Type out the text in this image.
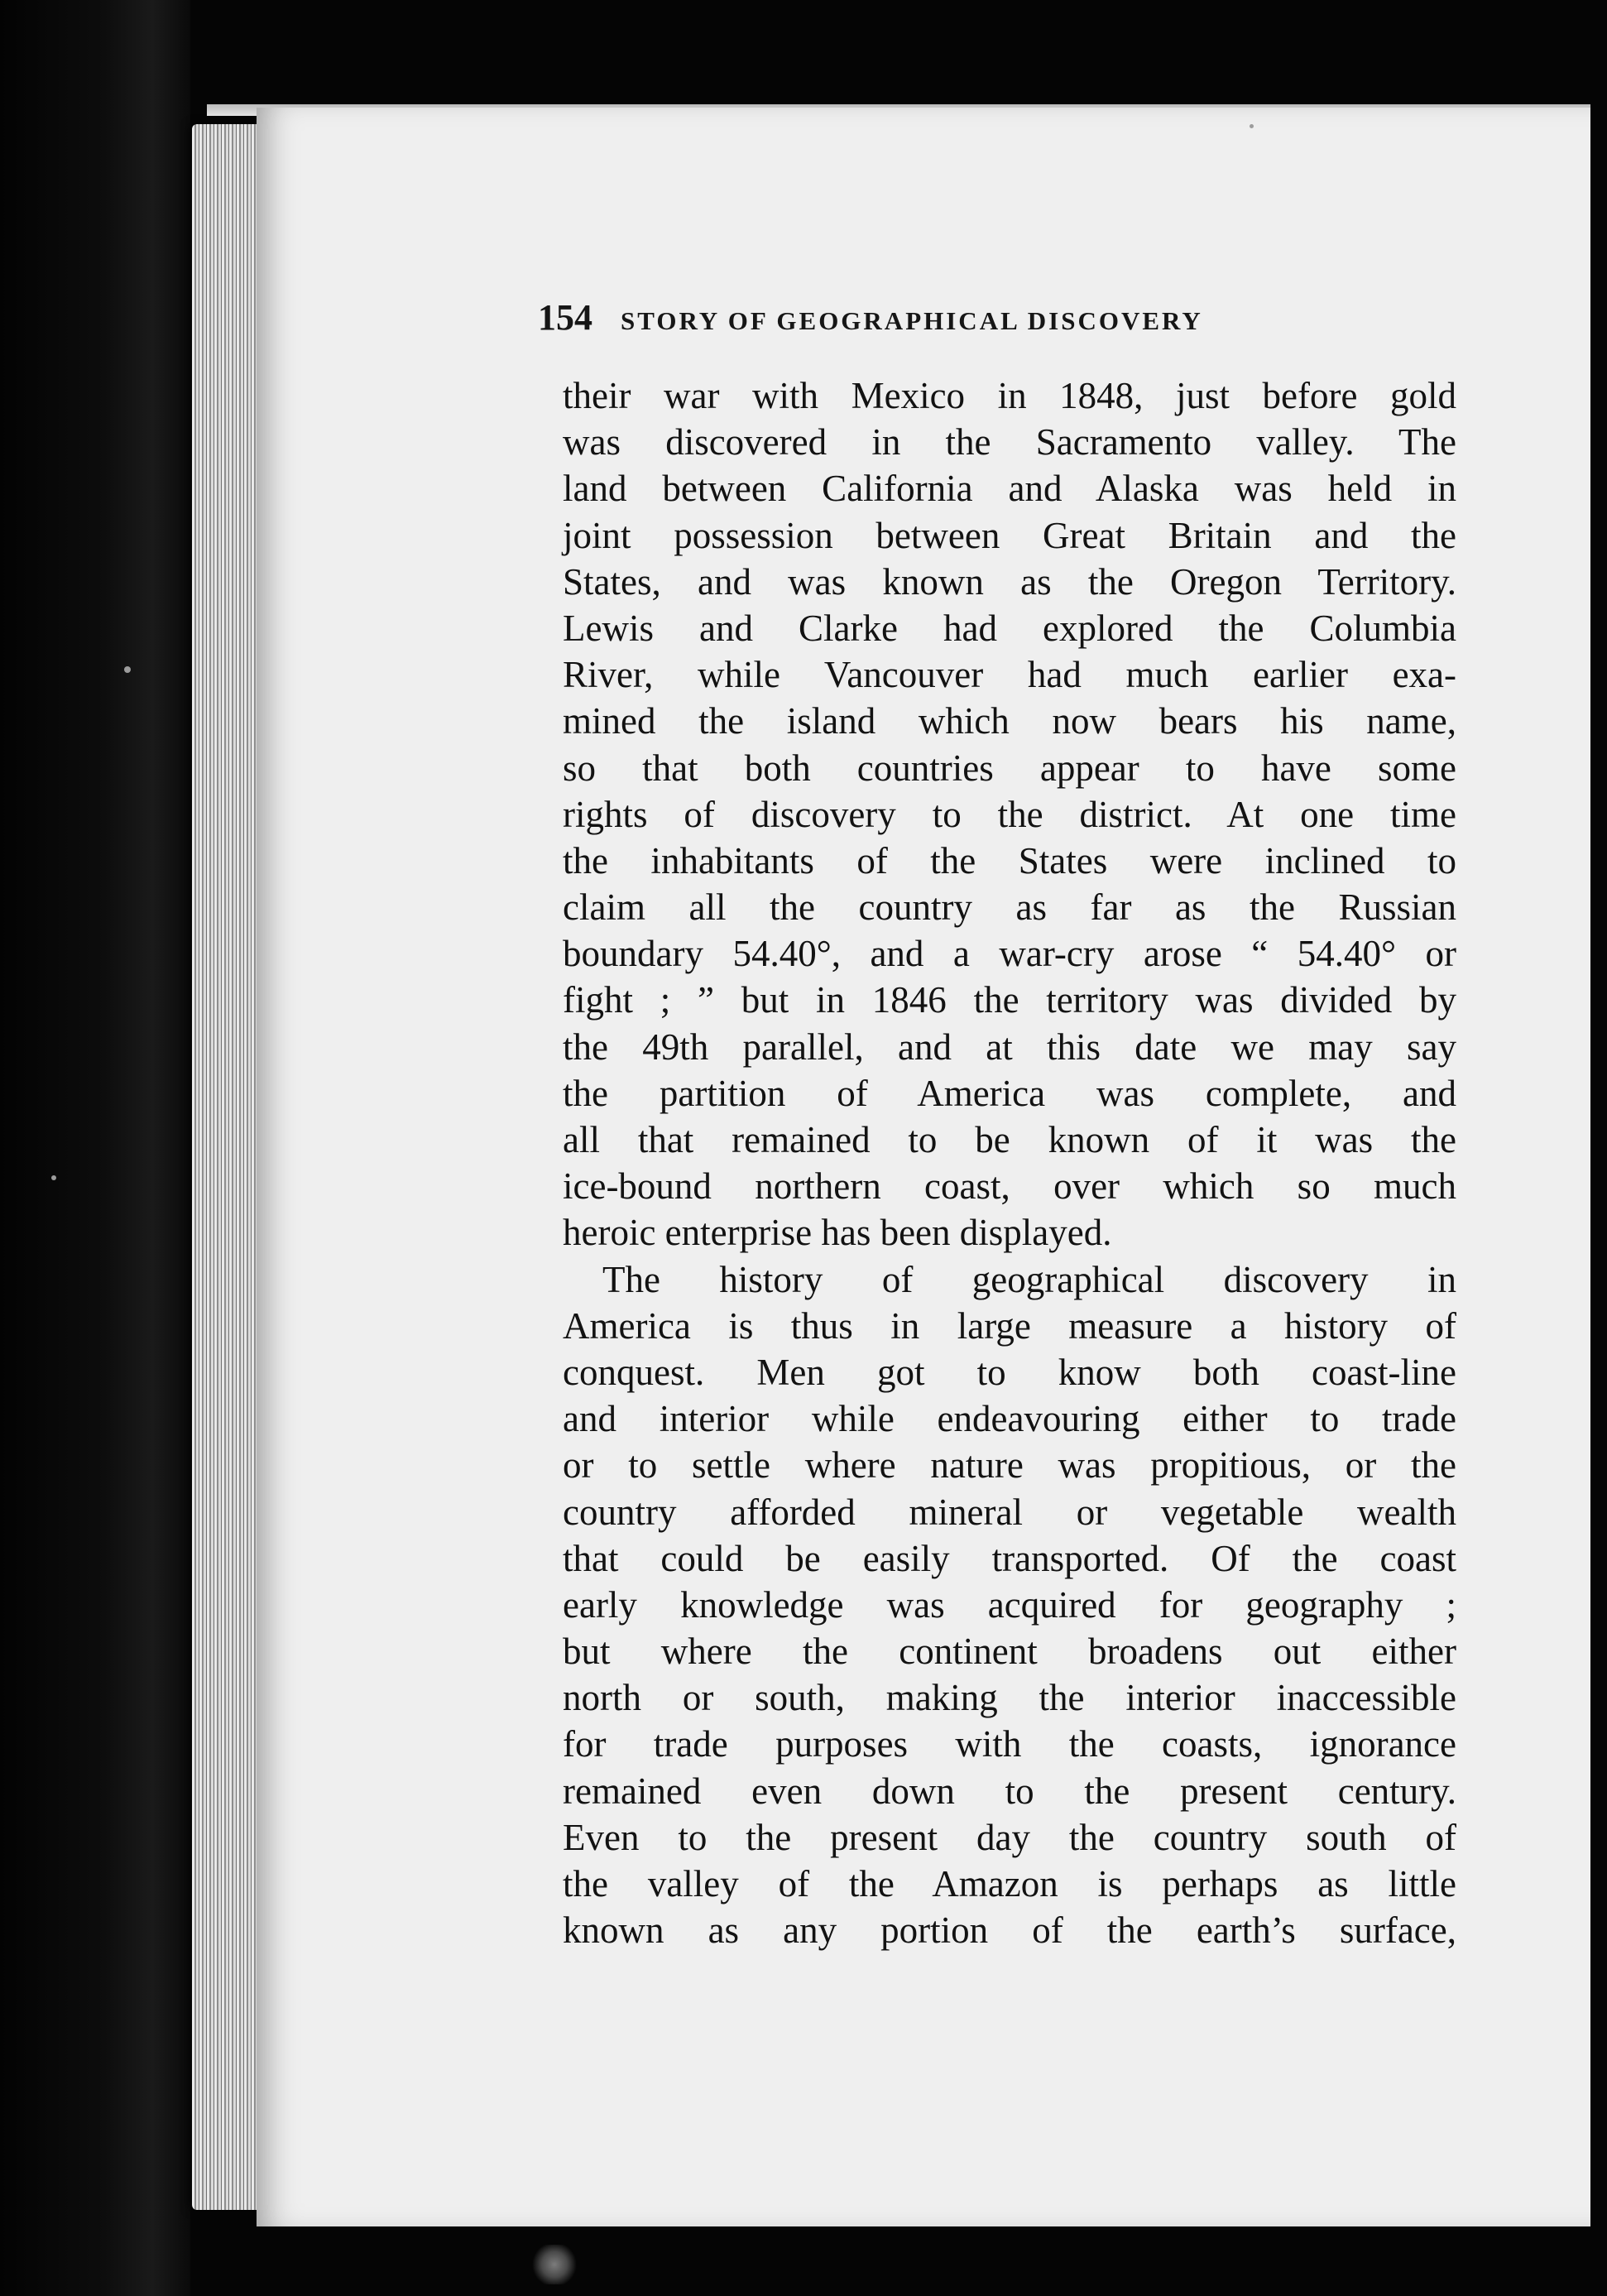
154 STORY OF GEOGRAPHICAL DISCOVERY
their war with Mexico in 1848, just before gold
was discovered in the Sacramento valley. The
land between California and Alaska was held in
joint possession between Great Britain and the
States, and was known as the Oregon Territory.
Lewis and Clarke had explored the Columbia
River, while Vancouver had much earlier exa-
mined the island which now bears his name,
so that both countries appear to have some
rights of discovery to the district. At one time
the inhabitants of the States were inclined to
claim all the country as far as the Russian
boundary 54.40°, and a war-cry arose “ 54.40° or
fight ; ” but in 1846 the territory was divided by
the 49th parallel, and at this date we may say
the partition of America was complete, and
all that remained to be known of it was the
ice-bound northern coast, over which so much
heroic enterprise has been displayed.
The history of geographical discovery in
America is thus in large measure a history of
conquest. Men got to know both coast-line
and interior while endeavouring either to trade
or to settle where nature was propitious, or the
country afforded mineral or vegetable wealth
that could be easily transported. Of the coast
early knowledge was acquired for geography ;
but where the continent broadens out either
north or south, making the interior inaccessible
for trade purposes with the coasts, ignorance
remained even down to the present century.
Even to the present day the country south of
the valley of the Amazon is perhaps as little
known as any portion of the earth’s surface,
